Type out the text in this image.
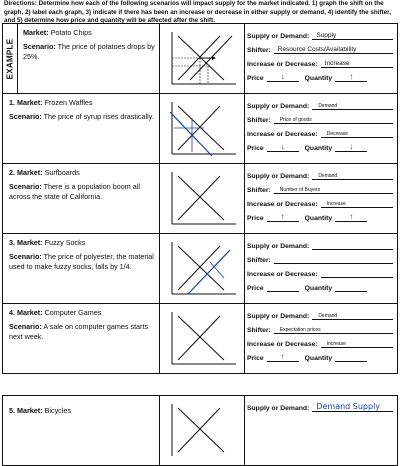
Directions: Determine how each of the following scenarios will impact supply for the market indicated. 1) graph the shift on the graph, 2) label each graph, 3) indicate if there has been an increase or decrease in either supply or demand, 4) identify the shifter, and 5) determine how price and quantity will be affected after the shift.
EXAMPLE
Market: Potato Chips
Scenario: The price of potatoes drops by 25%.
Supply or Demand:	Supply
Shifter:	Resource Costs/Availability
Increase or Decrease:	Increase
Price	↓	Quantity	↑
1. Market: Frozen Waffles
Scenario: The price of syrup rises drastically.
Supply or Demand:	Demand
Shifter:	Price of goods
Increase or Decrease:	Decrease
Price	↓	Quantity	↓
2. Market: Surfboards
Scenario: There is a population boom all across the state of California.
Supply or Demand:	Demand
Shifter:	Number of Buyers
Increase or Decrease:	Increase
Price	↑	Quantity	↑
3. Market: Fuzzy Socks
Scenario: The price of polyester, the material used to make fuzzy socks, falls by 1/4.
Supply or Demand:
Shifter:
Increase or Decrease:
Price	Quantity
4. Market: Computer Games
Scenario: A sale on computer games starts next week.
Supply or Demand:	Demand
Shifter:	Expectation prices
Increase or Decrease:	Increase
Price	↑	Quantity
5. Market: Bicycles	Supply or Demand: Demand Supply
